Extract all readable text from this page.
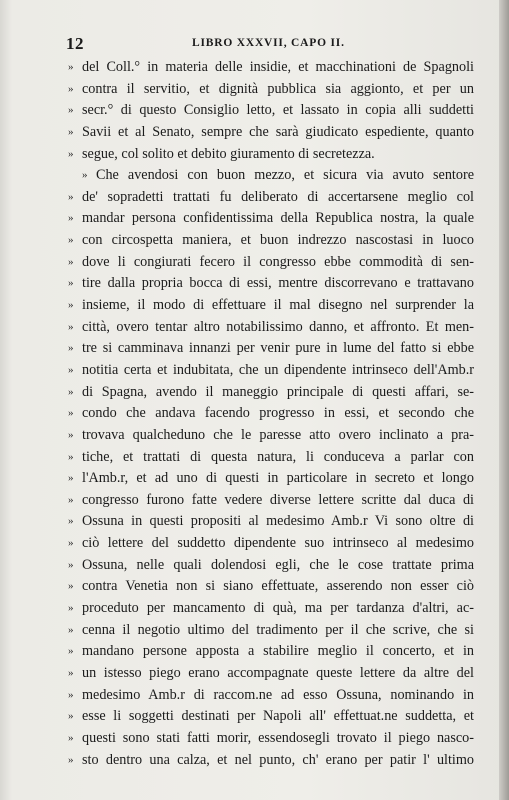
12	LIBRO XXXVII, CAPO II.
» del Coll.° in materia delle insidie, et macchinationi de Spagnoli
» contra il servitio, et dignità pubblica sia aggionto, et per un
» secr.° di questo Consiglio letto, et lassato in copia alli suddetti
» Savii et al Senato, sempre che sarà giudicato espediente, quanto
» segue, col solito et debito giuramento di secretezza.
» Che avendosi con buon mezzo, et sicura via avuto sentore
» de' sopradetti trattati fu deliberato di accertarsene meglio col
» mandar persona confidentissima della Republica nostra, la quale
» con circospetta maniera, et buon indrezzo nascostasi in luoco
» dove li congiurati fecero il congresso ebbe commodità di sen-
» tire dalla propria bocca di essi, mentre discorrevano e trattavano
» insieme, il modo di effettuare il mal disegno nel surprender la
» città, overo tentar altro notabilissimo danno, et affronto. Et men-
» tre si camminava innanzi per venir pure in lume del fatto si ebbe
» notitia certa et indubitata, che un dipendente intrinseco dell'Amb.r
» di Spagna, avendo il maneggio principale di questi affari, se-
» condo che andava facendo progresso in essi, et secondo che
» trovava qualcheduno che le paresse atto overo inclinato a pra-
» tiche, et trattati di questa natura, li conduceva a parlar con
» l'Amb.r, et ad uno di questi in particolare in secreto et longo
» congresso furono fatte vedere diverse lettere scritte dal duca di
» Ossuna in questi propositi al medesimo Amb.r Vi sono oltre di
» ciò lettere del suddetto dipendente suo intrinseco al medesimo
» Ossuna, nelle quali dolendosi egli, che le cose trattate prima
» contra Venetia non si siano effettuate, asserendo non esser ciò
» proceduto per mancamento di quà, ma per tardanza d'altri, ac-
» cenna il negotio ultimo del tradimento per il che scrive, che si
» mandano persone apposta a stabilire meglio il concerto, et in
» un istesso piego erano accompagnate queste lettere da altre del
» medesimo Amb.r di raccom.ne ad esso Ossuna, nominando in
» esse li soggetti destinati per Napoli all' effettuat.ne suddetta, et
» questi sono stati fatti morir, essendosegli trovato il piego nasco-
» sto dentro una calza, et nel punto, ch' erano per patir l' ultimo
